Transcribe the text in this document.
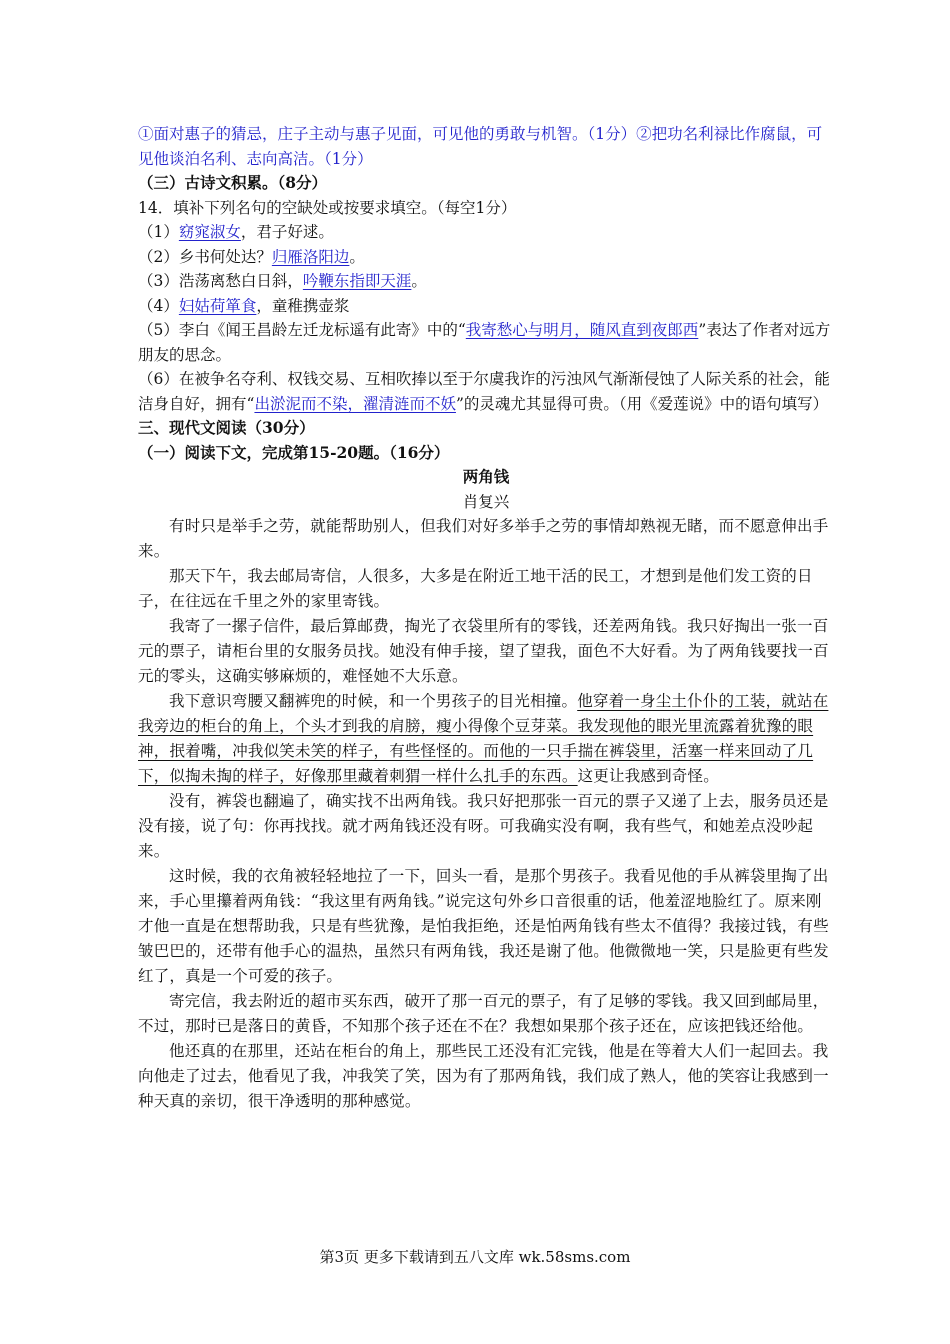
①面对惠子的猜忌，庄子主动与惠子见面，可见他的勇敢与机智。（1分）②把功名利禄比作腐鼠，可见他谈泊名利、志向高洁。（1分）

（三）古诗文积累。（8分）

14．填补下列名句的空缺处或按要求填空。（每空1分）

（1）窈窕淑女，君子好逑。

（2）乡书何处达？归雁洛阳边。

（3）浩荡离愁白日斜，吟鞭东指即天涯。

（4）妇姑荷箪食，童稚携壶浆

（5）李白《闻王昌龄左迁龙标遥有此寄》中的“我寄愁心与明月，随风直到夜郎西”表达了作者对远方朋友的思念。

（6）在被争名夺利、权钱交易、互相吹捧以至于尔虞我诈的污浊风气渐渐侵蚀了人际关系的社会，能洁身自好，拥有“出淤泥而不染，濯清涟而不妖”的灵魂尤其显得可贵。（用《爱莲说》中的语句填写）

三、现代文阅读（30分）

（一）阅读下文，完成第15-20题。（16分）

两角钱

肖复兴

有时只是举手之劳，就能帮助别人，但我们对好多举手之劳的事情却熟视无睹，而不愿意伸出手来。

那天下午，我去邮局寄信，人很多，大多是在附近工地干活的民工，才想到是他们发工资的日子，在往远在千里之外的家里寄钱。

我寄了一摞子信件，最后算邮费，掏光了衣袋里所有的零钱，还差两角钱。我只好掏出一张一百元的票子，请柜台里的女服务员找。她没有伸手接，望了望我，面色不大好看。为了两角钱要找一百元的零头，这确实够麻烦的，难怪她不大乐意。

我下意识弯腰又翻裤兜的时候，和一个男孩子的目光相撞。他穿着一身尘土仆仆的工装，就站在我旁边的柜台的角上，个头才到我的肩膀，瘦小得像个豆芽菜。我发现他的眼光里流露着犹豫的眼神，抿着嘴，冲我似笑未笑的样子，有些怪怪的。而他的一只手揣在裤袋里，活塞一样来回动了几下，似掏未掏的样子，好像那里藏着刺猬一样什么扎手的东西。这更让我感到奇怪。

没有，裤袋也翻遍了，确实找不出两角钱。我只好把那张一百元的票子又递了上去，服务员还是没有接，说了句：你再找找。就才两角钱还没有呀。可我确实没有啊，我有些气，和她差点没吵起来。

这时候，我的衣角被轻轻地拉了一下，回头一看，是那个男孩子。我看见他的手从裤袋里掏了出来，手心里攥着两角钱：“我这里有两角钱。”说完这句外乡口音很重的话，他羞涩地脸红了。原来刚才他一直是在想帮助我，只是有些犹豫，是怕我拒绝，还是怕两角钱有些太不值得？我接过钱，有些皱巴巴的，还带有他手心的温热，虽然只有两角钱，我还是谢了他。他微微地一笑，只是脸更有些发红了，真是一个可爱的孩子。

寄完信，我去附近的超市买东西，破开了那一百元的票子，有了足够的零钱。我又回到邮局里，不过，那时已是落日的黄昏，不知那个孩子还在不在？我想如果那个孩子还在，应该把钱还给他。

他还真的在那里，还站在柜台的角上，那些民工还没有汇完钱，他是在等着大人们一起回去。我向他走了过去，他看见了我，冲我笑了笑，因为有了那两角钱，我们成了熟人，他的笑容让我感到一种天真的亲切，很干净透明的那种感觉。

第3页 更多下载请到五八文库 wk.58sms.com
